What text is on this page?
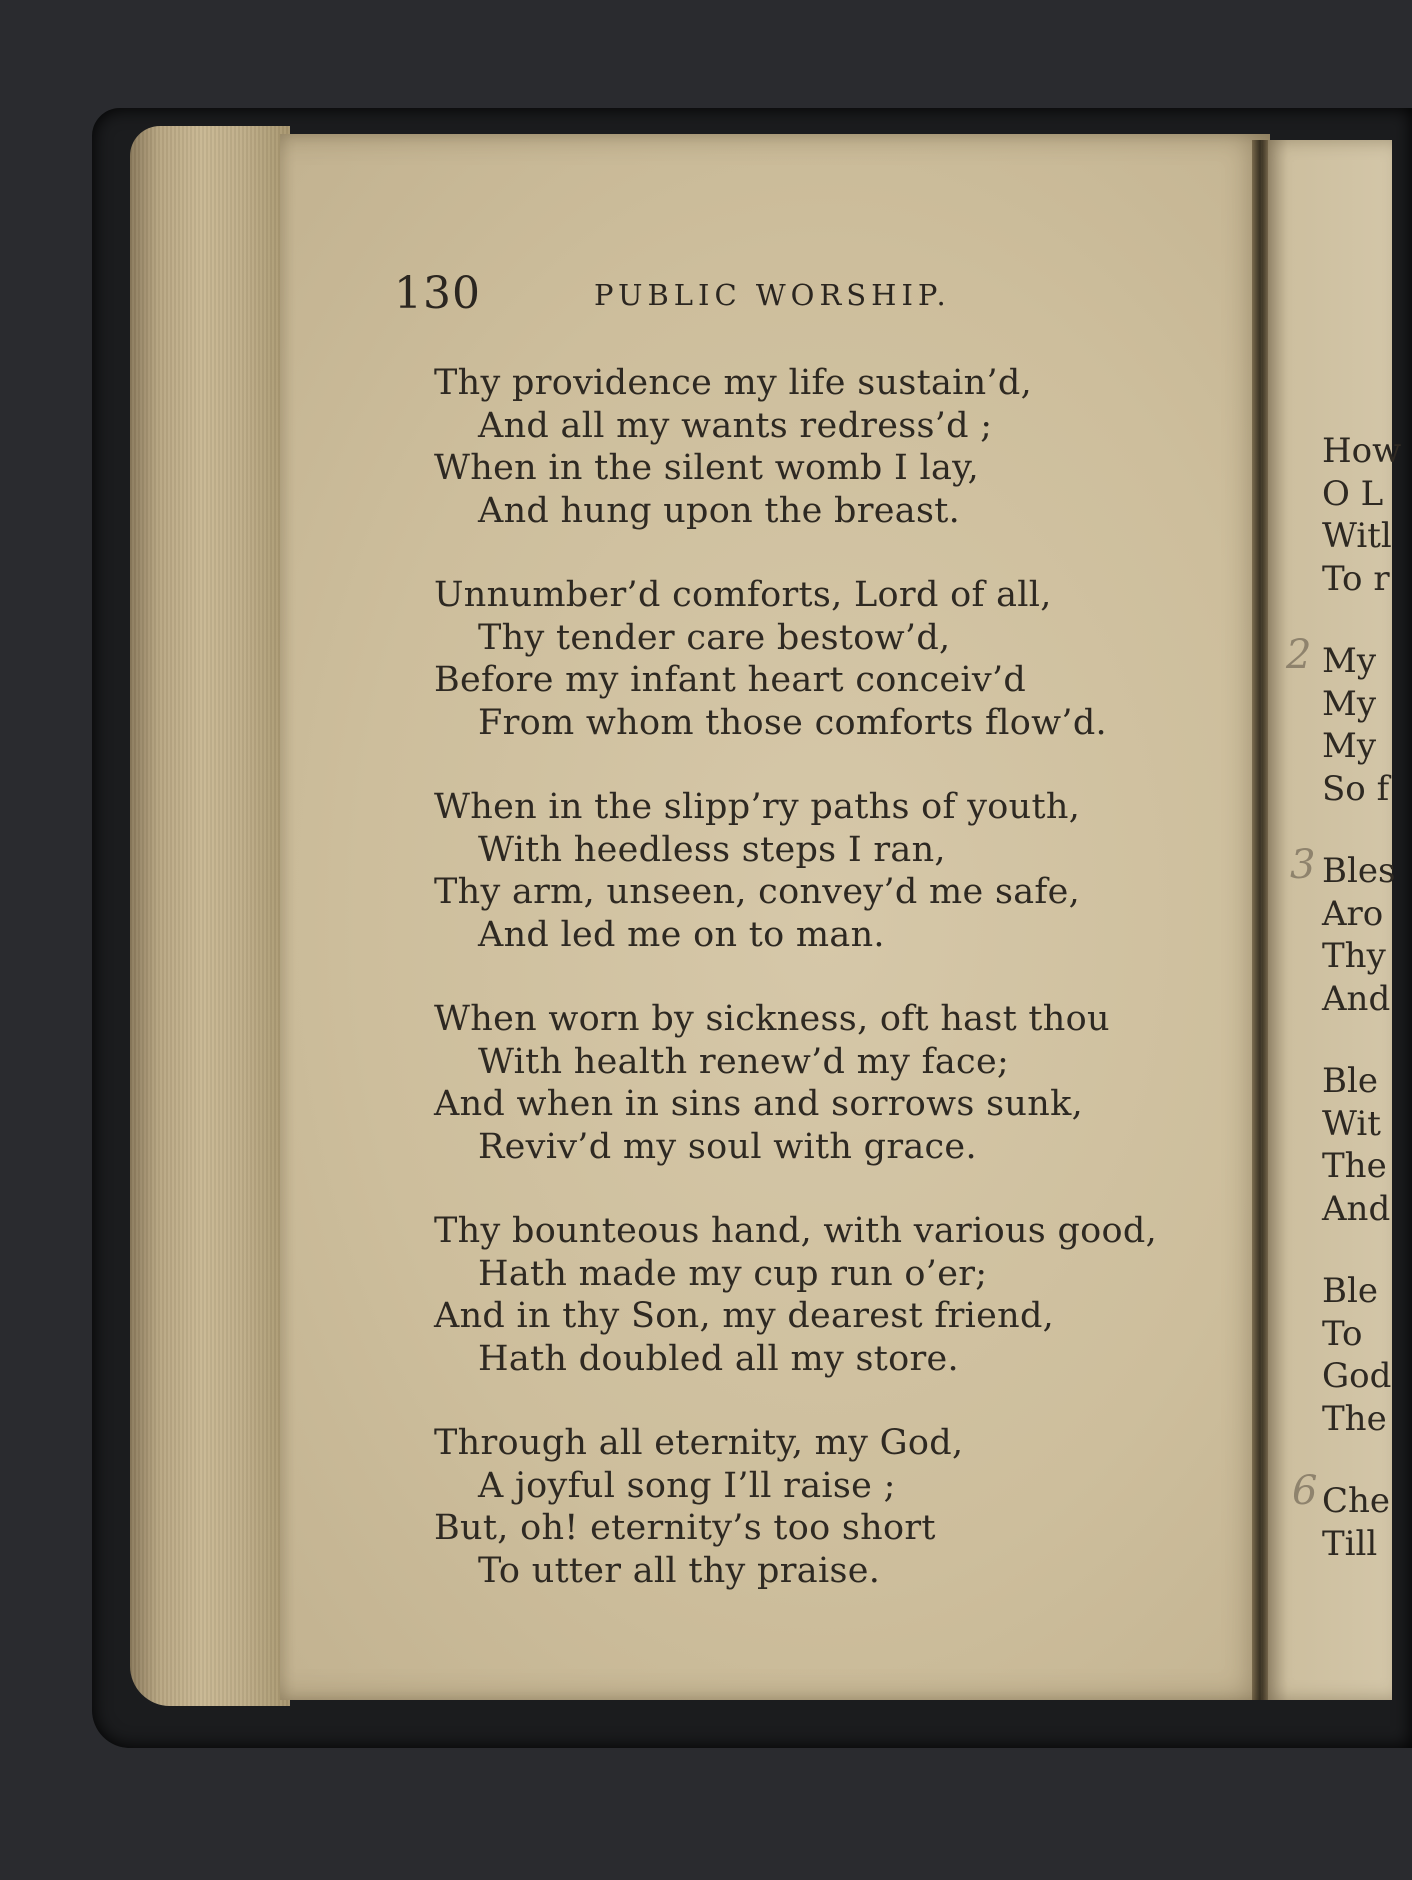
130	PUBLIC WORSHIP.
Thy providence my life sustain’d,
And all my wants redress’d ;
When in the silent womb I lay,
And hung upon the breast.
Unnumber’d comforts, Lord of all,
Thy tender care bestow’d,
Before my infant heart conceiv’d
From whom those comforts flow’d.
When in the slipp’ry paths of youth,
With heedless steps I ran,
Thy arm, unseen, convey’d me safe,
And led me on to man.
When worn by sickness, oft hast thou
With health renew’d my face;
And when in sins and sorrows sunk,
Reviv’d my soul with grace.
Thy bounteous hand, with various good,
Hath made my cup run o’er;
And in thy Son, my dearest friend,
Hath doubled all my store.
Through all eternity, my God,
A joyful song I’ll raise ;
But, oh! eternity’s too short
To utter all thy praise.
How
O L
Witl
To r
My
My
My
So f
Bles
Aro
Thy
And
Ble
Wit
The
And
Ble
To
God
The
Che
Till
2
3
6
